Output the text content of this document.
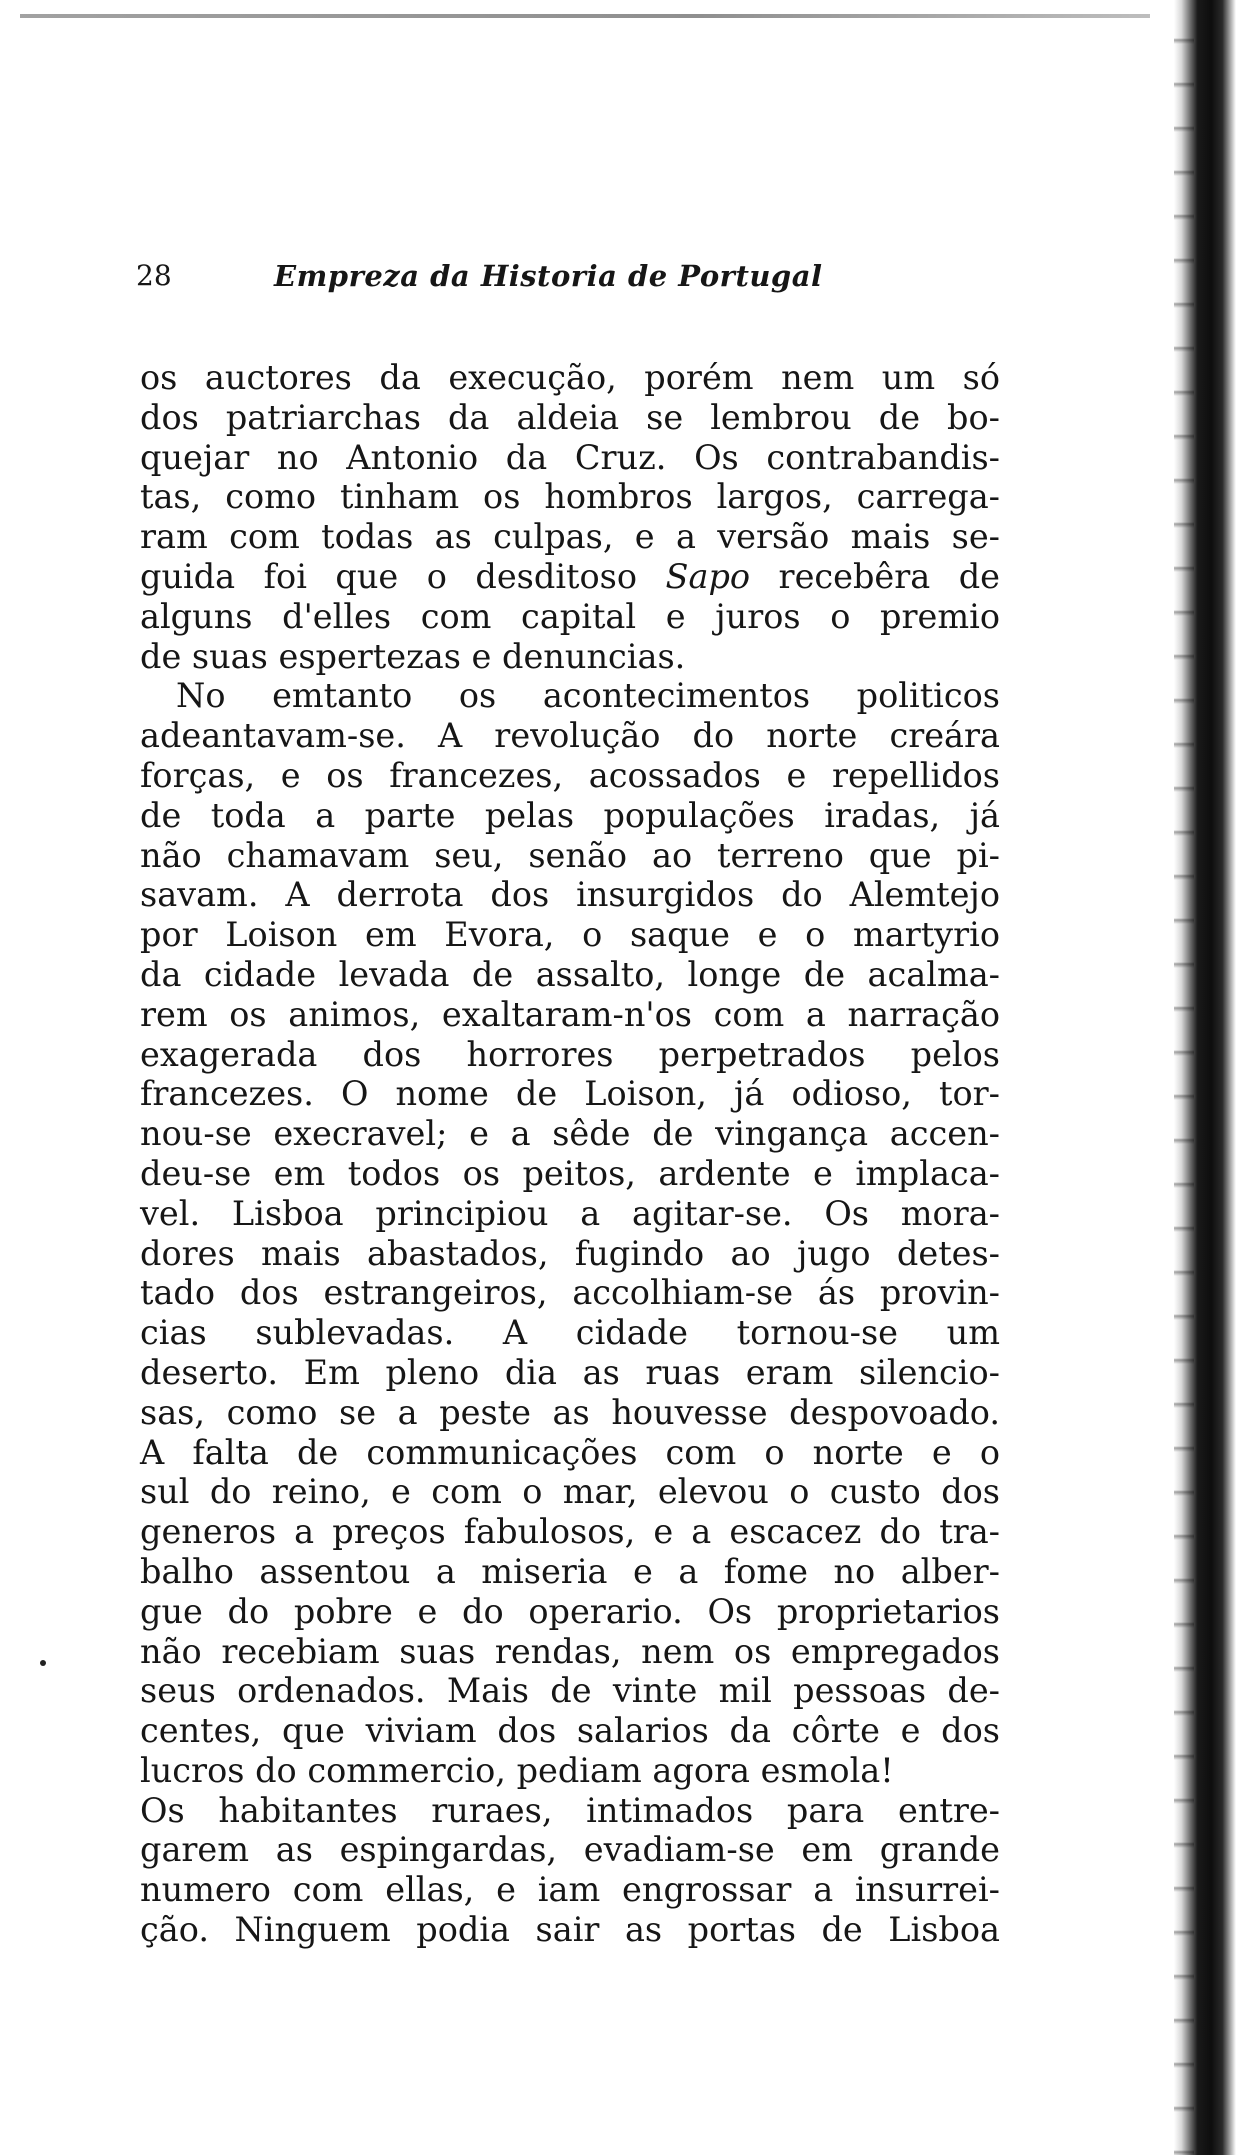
28	Empreza da Historia de Portugal
os auctores da execução, porém nem um só
dos patriarchas da aldeia se lembrou de bo-
quejar no Antonio da Cruz. Os contrabandis-
tas, como tinham os hombros largos, carrega-
ram com todas as culpas, e a versão mais se-
guida foi que o desditoso Sapo recebêra de
alguns d'elles com capital e juros o premio
de suas espertezas e denuncias.
No emtanto os acontecimentos politicos
adeantavam-se. A revolução do norte creára
forças, e os francezes, acossados e repellidos
de toda a parte pelas populações iradas, já
não chamavam seu, senão ao terreno que pi-
savam. A derrota dos insurgidos do Alemtejo
por Loison em Evora, o saque e o martyrio
da cidade levada de assalto, longe de acalma-
rem os animos, exaltaram-n'os com a narração
exagerada dos horrores perpetrados pelos
francezes. O nome de Loison, já odioso, tor-
nou-se execravel; e a sêde de vingança accen-
deu-se em todos os peitos, ardente e implaca-
vel. Lisboa principiou a agitar-se. Os mora-
dores mais abastados, fugindo ao jugo detes-
tado dos estrangeiros, accolhiam-se ás provin-
cias sublevadas. A cidade tornou-se um
deserto. Em pleno dia as ruas eram silencio-
sas, como se a peste as houvesse despovoado.
A falta de communicações com o norte e o
sul do reino, e com o mar, elevou o custo dos
generos a preços fabulosos, e a escacez do tra-
balho assentou a miseria e a fome no alber-
gue do pobre e do operario. Os proprietarios
não recebiam suas rendas, nem os empregados
seus ordenados. Mais de vinte mil pessoas de-
centes, que viviam dos salarios da côrte e dos
lucros do commercio, pediam agora esmola!
Os habitantes ruraes, intimados para entre-
garem as espingardas, evadiam-se em grande
numero com ellas, e iam engrossar a insurrei-
ção. Ninguem podia sair as portas de Lisboa
